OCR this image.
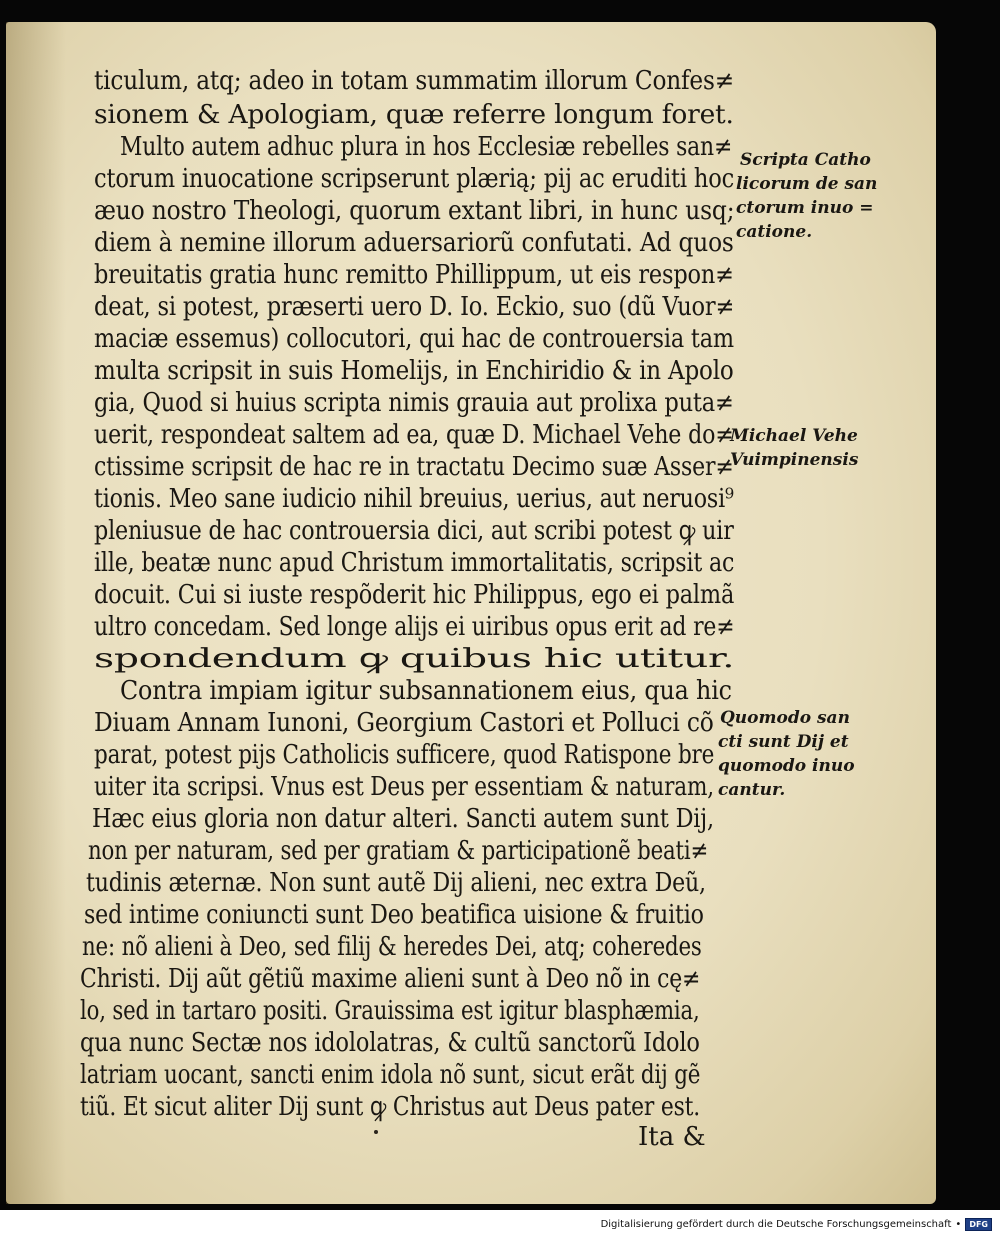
ticulum, atq; adeo in totam summatim illorum Confes≠
sionem & Apologiam, quæ referre longum foret.
Multo autem adhuc plura in hos Ecclesiæ rebelles san≠
ctorum inuocatione scripserunt plærią; pij ac eruditi hoc
æuo nostro Theologi, quorum extant libri, in hunc usq;
diem à nemine illorum aduersariorũ confutati. Ad quos
breuitatis gratia hunc remitto Phillippum, ut eis respon≠
deat, si potest, præserti uero D. Io. Eckio, suo (dũ Vuor≠
maciæ essemus) collocutori, qui hac de controuersia tam
multa scripsit in suis Homelijs, in Enchiridio & in Apolo
gia, Quod si huius scripta nimis grauia aut prolixa puta≠
uerit, respondeat saltem ad ea, quæ D. Michael Vehe do≠
ctissime scripsit de hac re in tractatu Decimo suæ Asser≠
tionis. Meo sane iudicio nihil breuius, uerius, aut neruosi⁹
pleniusue de hac controuersia dici, aut scribi potest ꝙ uir
ille, beatæ nunc apud Christum immortalitatis, scripsit ac
docuit. Cui si iuste respõderit hic Philippus, ego ei palmã
ultro concedam. Sed longe alijs ei uiribus opus erit ad re≠
spondendum ꝙ quibus hic utitur.
Contra impiam igitur subsannationem eius, qua hic
Diuam Annam Iunoni, Georgium Castori et Polluci cõ
parat, potest pijs Catholicis sufficere, quod Ratispone bre
uiter ita scripsi. Vnus est Deus per essentiam & naturam,
Hæc eius gloria non datur alteri. Sancti autem sunt Dij,
non per naturam, sed per gratiam & participationẽ beati≠
tudinis æternæ. Non sunt autẽ Dij alieni, nec extra Deũ,
sed intime coniuncti sunt Deo beatifica uisione & fruitio
ne: nõ alieni à Deo, sed filij & heredes Dei, atq; coheredes
Christi. Dij aũt gẽtiũ maxime alieni sunt à Deo nõ in cę≠
lo, sed in tartaro positi. Grauissima est igitur blasphæmia,
qua nunc Sectæ nos idololatras, & cultũ sanctorũ Idolo
latriam uocant, sancti enim idola nõ sunt, sicut erãt dij gẽ
tiũ. Et sicut aliter Dij sunt ꝙ Christus aut Deus pater est.
Ita &
Scripta Catho
licorum de san
ctorum inuo =
catione.
Michael Vehe
Vuimpinensis
Quomodo san
cti sunt Dij et
quomodo inuo
cantur.
Digitalisierung gefördert durch die Deutsche Forschungsgemeinschaft •	DFG
